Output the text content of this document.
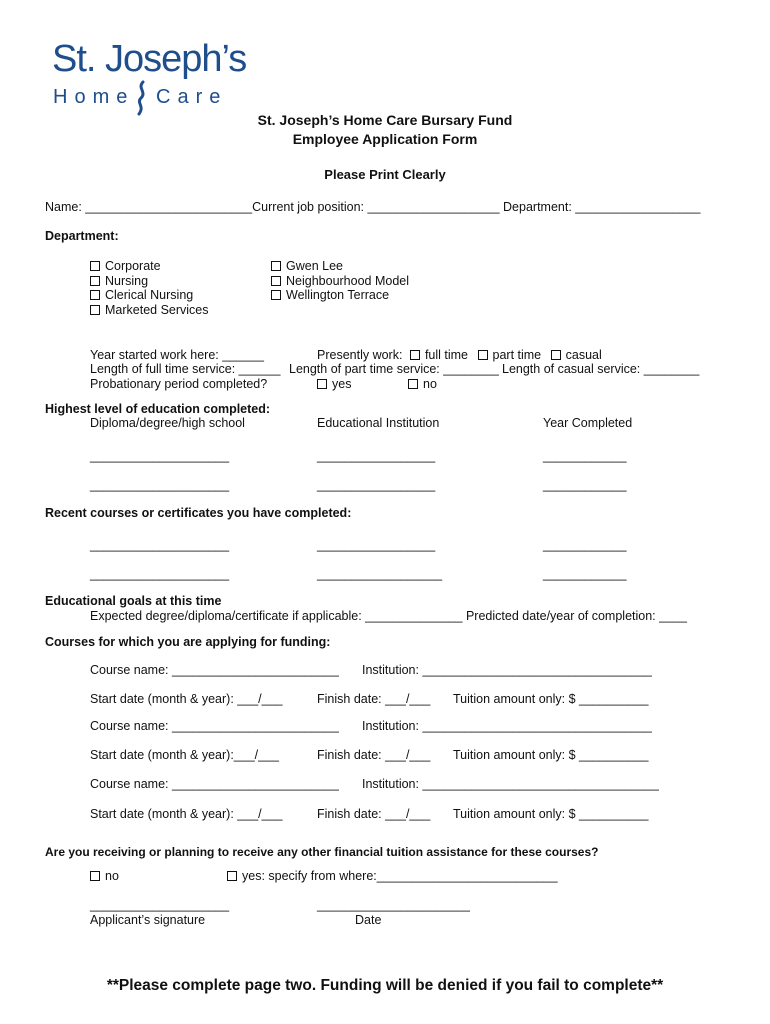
St. Joseph’s
Home Care
St. Joseph’s Home Care Bursary Fund
Employee Application Form
Please Print Clearly
Name: ________________________Current job position: ___________________ Department: __________________
Department:
Corporate
Nursing
Clerical Nursing
Marketed Services
Gwen Lee
Neighbourhood Model
Wellington Terrace
Year started work here: ______	Presently work: full time part time casual
Length of full time service: ______ Length of part time service: ________ Length of casual service: ________
Probationary period completed?	yes	no
Highest level of education completed:
Diploma/degree/high school	Educational Institution	Year Completed
____________________	_________________	____________
____________________	_________________	____________
Recent courses or certificates you have completed:
____________________	_________________	____________
____________________	__________________	____________
Educational goals at this time
Expected degree/diploma/certificate if applicable: ______________ Predicted date/year of completion: ____
Courses for which you are applying for funding:
Course name: ________________________ Institution: _________________________________
Start date (month & year): ___/___	Finish date: ___/___ Tuition amount only: $ __________
Course name: ________________________ Institution: _________________________________
Start date (month & year):___/___	Finish date: ___/___ Tuition amount only: $ __________
Course name: ________________________ Institution: __________________________________
Start date (month & year): ___/___	Finish date: ___/___ Tuition amount only: $ __________
Are you receiving or planning to receive any other financial tuition assistance for these courses?
no	yes: specify from where:__________________________
____________________
Applicant’s signature
______________________
Date
**Please complete page two. Funding will be denied if you fail to complete**
